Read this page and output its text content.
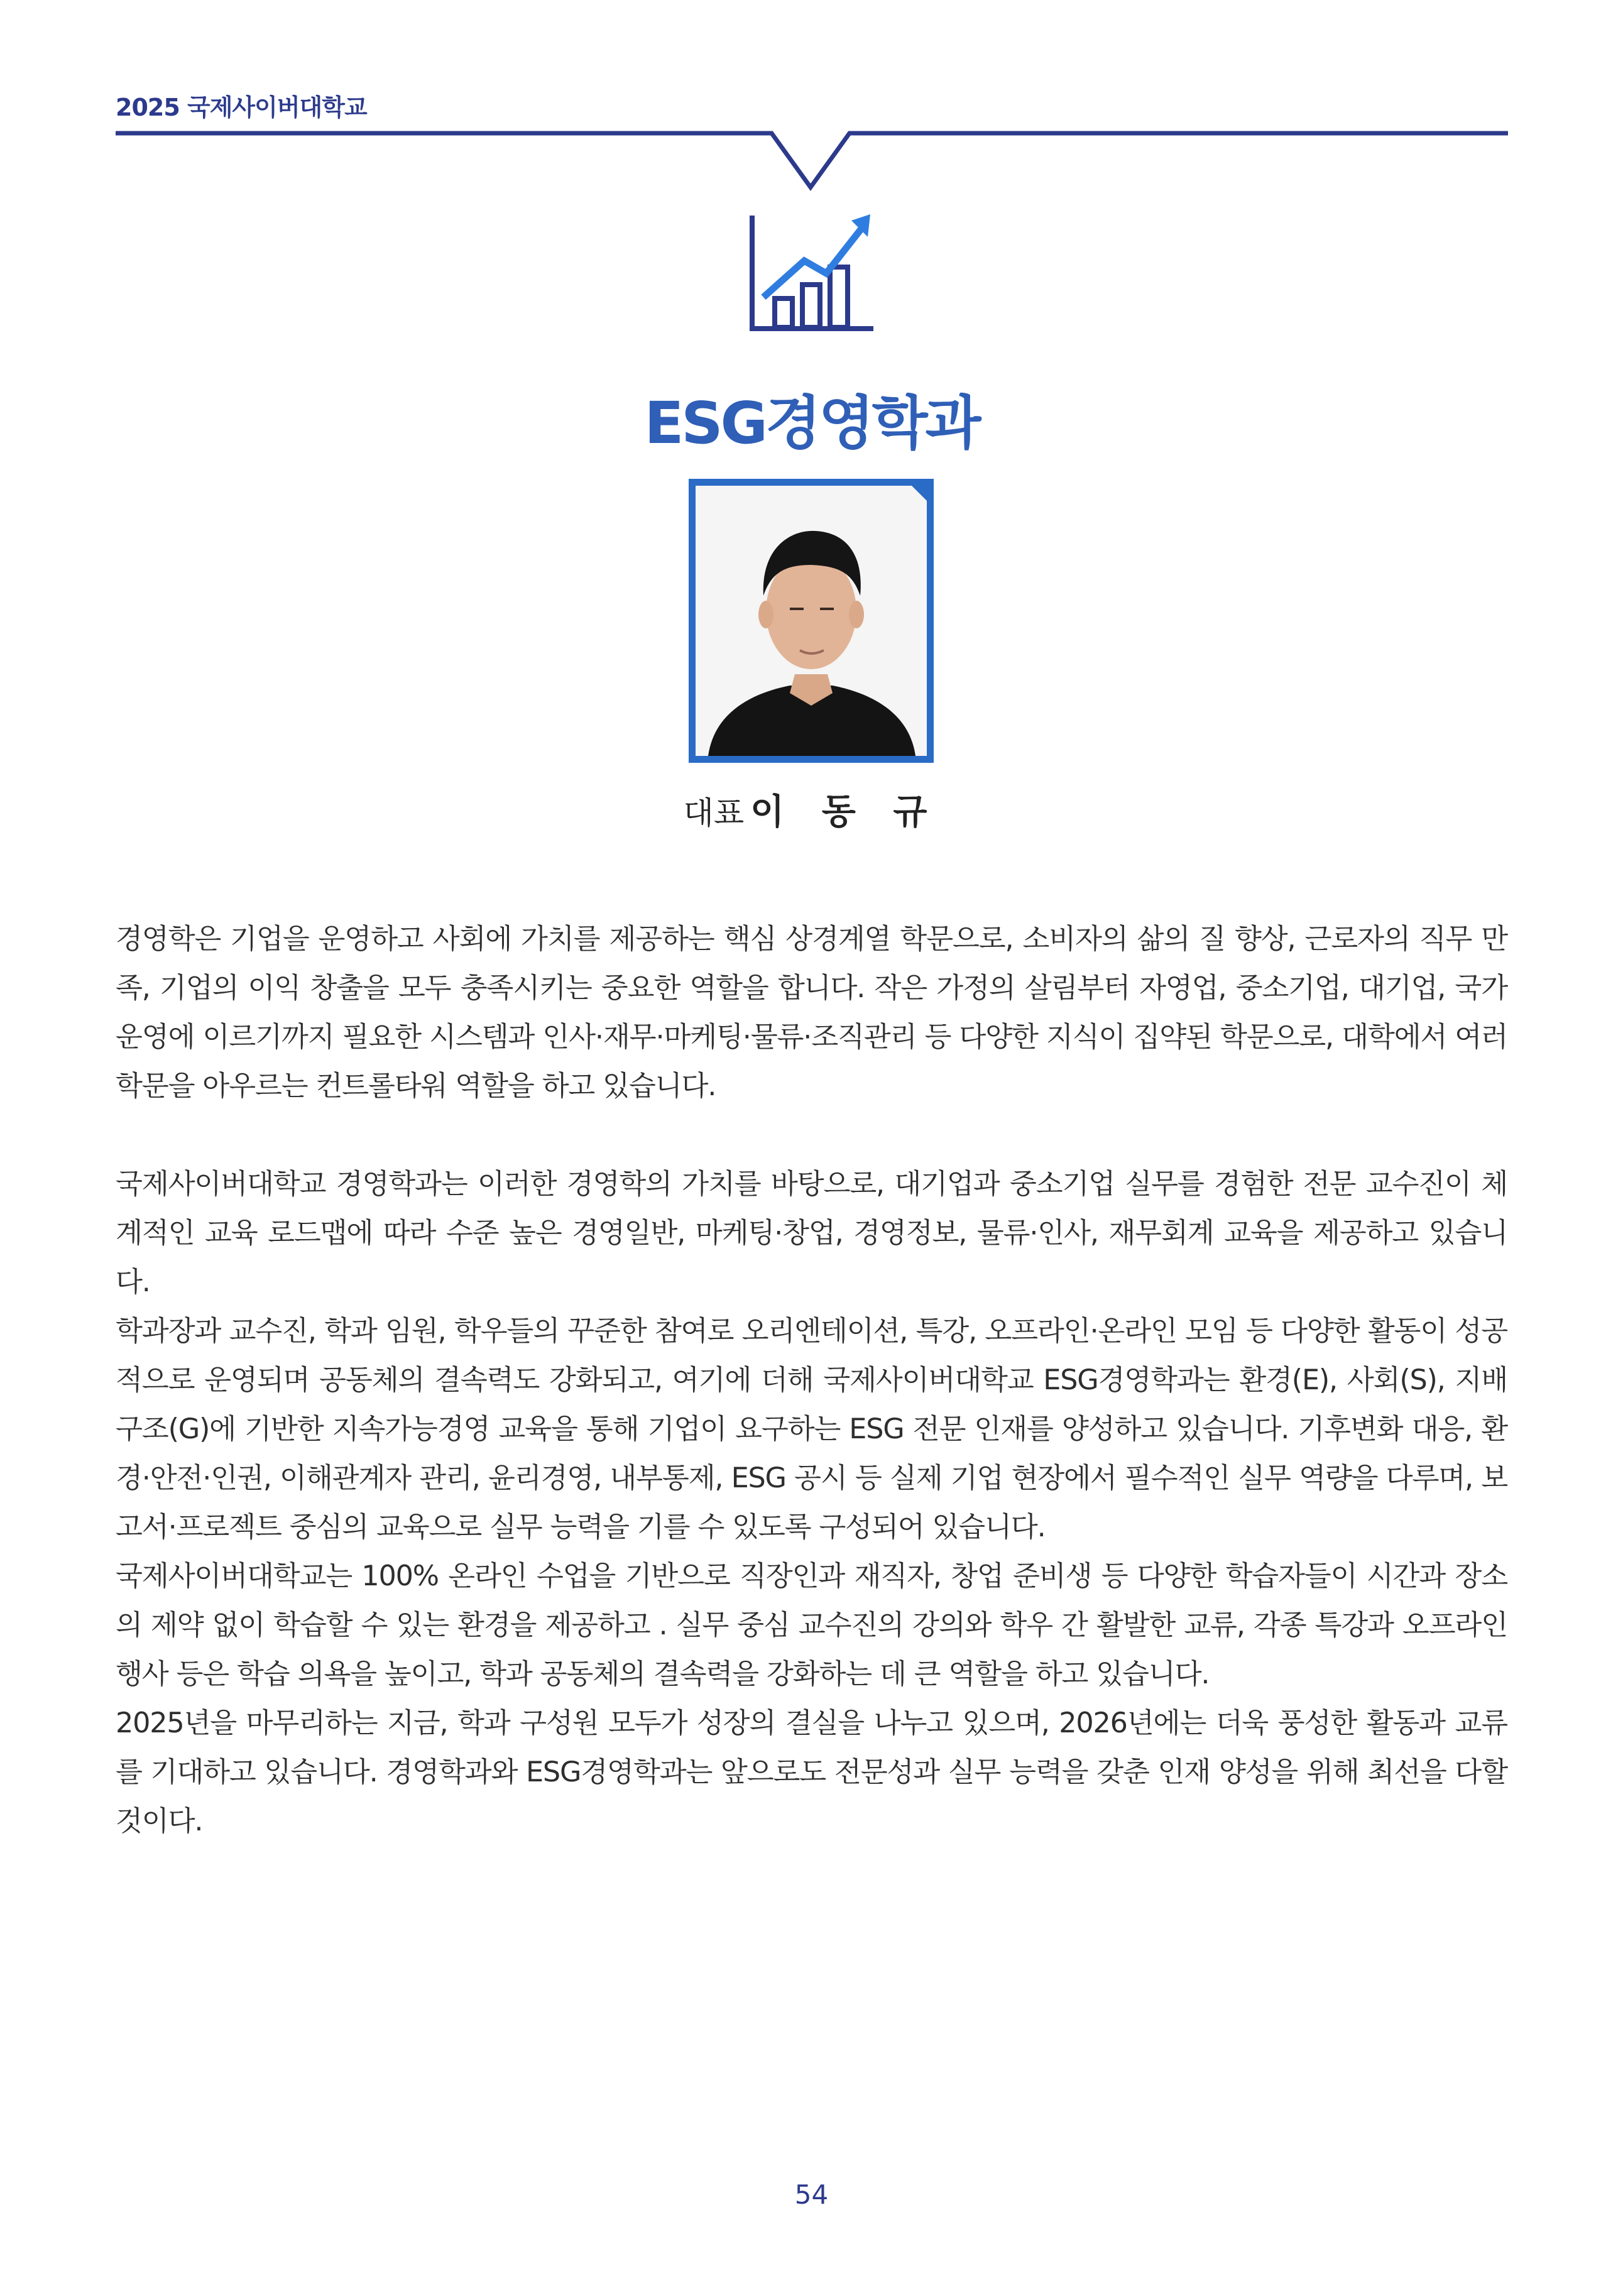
2025 국제사이버대학교
ESG경영학과
대표 이 동 규

경영학은 기업을 운영하고 사회에 가치를 제공하는 핵심 상경계열 학문으로, 소비자의 삶의 질 향상, 근로자의 직무 만족, 기업의 이익 창출을 모두 충족시키는 중요한 역할을 합니다. 작은 가정의 살림부터 자영업, 중소기업, 대기업, 국가 운영에 이르기까지 필요한 시스템과 인사·재무·마케팅·물류·조직관리 등 다양한 지식이 집약된 학문으로, 대학에서 여러 학문을 아우르는 컨트롤타워 역할을 하고 있습니다.

국제사이버대학교 경영학과는 이러한 경영학의 가치를 바탕으로, 대기업과 중소기업 실무를 경험한 전문 교수진이 체계적인 교육 로드맵에 따라 수준 높은 경영일반, 마케팅·창업, 경영정보, 물류·인사, 재무회계 교육을 제공하고 있습니다.

학과장과 교수진, 학과 임원, 학우들의 꾸준한 참여로 오리엔테이션, 특강, 오프라인·온라인 모임 등 다양한 활동이 성공적으로 운영되며 공동체의 결속력도 강화되고, 여기에 더해 국제사이버대학교 ESG경영학과는 환경(E), 사회(S), 지배구조(G)에 기반한 지속가능경영 교육을 통해 기업이 요구하는 ESG 전문 인재를 양성하고 있습니다. 기후변화 대응, 환경·안전·인권, 이해관계자 관리, 윤리경영, 내부통제, ESG 공시 등 실제 기업 현장에서 필수적인 실무 역량을 다루며, 보고서·프로젝트 중심의 교육으로 실무 능력을 기를 수 있도록 구성되어 있습니다.

국제사이버대학교는 100% 온라인 수업을 기반으로 직장인과 재직자, 창업 준비생 등 다양한 학습자들이 시간과 장소의 제약 없이 학습할 수 있는 환경을 제공하고 . 실무 중심 교수진의 강의와 학우 간 활발한 교류, 각종 특강과 오프라인 행사 등은 학습 의욕을 높이고, 학과 공동체의 결속력을 강화하는 데 큰 역할을 하고 있습니다.

2025년을 마무리하는 지금, 학과 구성원 모두가 성장의 결실을 나누고 있으며, 2026년에는 더욱 풍성한 활동과 교류를 기대하고 있습니다. 경영학과와 ESG경영학과는 앞으로도 전문성과 실무 능력을 갖춘 인재 양성을 위해 최선을 다할 것이다.

54
